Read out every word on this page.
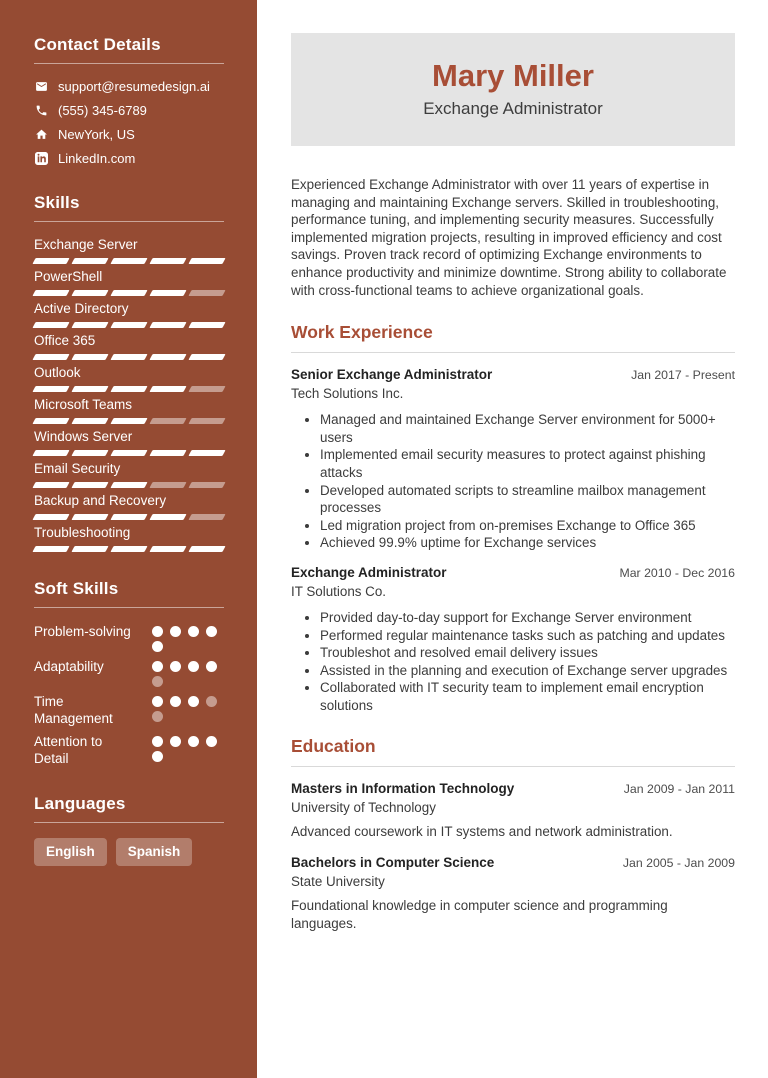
Contact Details
support@resumedesign.ai
(555) 345-6789
NewYork, US
LinkedIn.com
Skills
Exchange Server
PowerShell
Active Directory
Office 365
Outlook
Microsoft Teams
Windows Server
Email Security
Backup and Recovery
Troubleshooting
Soft Skills
Problem-solving
Adaptability
Time Management
Attention to Detail
Languages
English	Spanish
Mary Miller
Exchange Administrator

Experienced Exchange Administrator with over 11 years of expertise in managing and maintaining Exchange servers. Skilled in troubleshooting, performance tuning, and implementing security measures. Successfully implemented migration projects, resulting in improved efficiency and cost savings. Proven track record of optimizing Exchange environments to enhance productivity and minimize downtime. Strong ability to collaborate with cross-functional teams to achieve organizational goals.

Work Experience
Senior Exchange Administrator	Jan 2017 - Present
Tech Solutions Inc.
• Managed and maintained Exchange Server environment for 5000+ users
• Implemented email security measures to protect against phishing attacks
• Developed automated scripts to streamline mailbox management processes
• Led migration project from on-premises Exchange to Office 365
• Achieved 99.9% uptime for Exchange services
Exchange Administrator	Mar 2010 - Dec 2016
IT Solutions Co.
• Provided day-to-day support for Exchange Server environment
• Performed regular maintenance tasks such as patching and updates
• Troubleshot and resolved email delivery issues
• Assisted in the planning and execution of Exchange server upgrades
• Collaborated with IT security team to implement email encryption solutions
Education
Masters in Information Technology	Jan 2009 - Jan 2011
University of Technology

Advanced coursework in IT systems and network administration.

Bachelors in Computer Science	Jan 2005 - Jan 2009
State University

Foundational knowledge in computer science and programming languages.
